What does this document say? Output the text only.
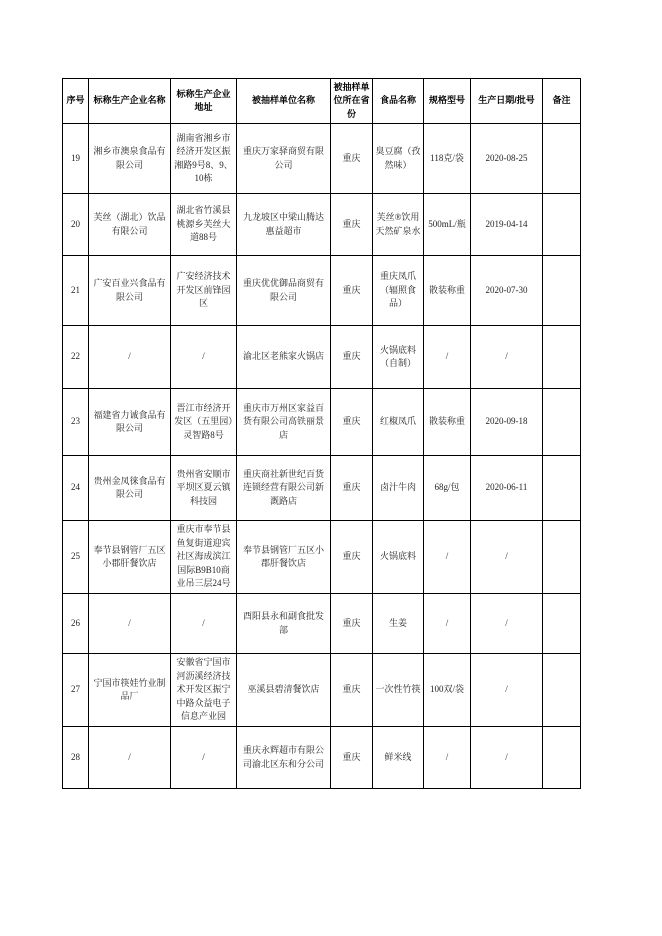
序号	标称生产企业名称	标称生产企业地址	被抽样单位名称	被抽样单位所在省份	食品名称	规格型号	生产日期/批号	备注
19	湘乡市澳泉食品有限公司	湖南省湘乡市经济开发区振湘路9号8、9、10栋	重庆万家驿商贸有限公司	重庆	臭豆腐（孜然味）	118克/袋	2020-08-25	
20	芙丝（湖北）饮品有限公司	湖北省竹溪县桃源乡芙丝大道88号	九龙坡区中梁山腾达惠益超市	重庆	芙丝®饮用天然矿泉水	500mL/瓶	2019-04-14	
21	广安百业兴食品有限公司	广安经济技术开发区前锋园区	重庆优优御品商贸有限公司	重庆	重庆凤爪（辐照食品）	散装称重	2020-07-30	
22	/	/	渝北区老熊家火锅店	重庆	火锅底料（自制）	/	/	
23	福建省力诚食品有限公司	晋江市经济开发区（五里园）灵智路8号	重庆市万州区家益百货有限公司高铁丽景店	重庆	红椒凤爪	散装称重	2020-09-18	
24	贵州金凤徕食品有限公司	贵州省安顺市平坝区夏云镇科技园	重庆商社新世纪百货连锁经营有限公司新溉路店	重庆	卤汁牛肉	68g/包	2020-06-11	
25	奉节县钢管厂五区小郡肝餐饮店	重庆市奉节县鱼复街道迎宾社区海成滨江国际B9B10商业吊三层24号	奉节县钢管厂五区小郡肝餐饮店	重庆	火锅底料	/	/	
26	/	/	酉阳县永和副食批发部	重庆	生姜	/	/	
27	宁国市筷娃竹业制品厂	安徽省宁国市河沥溪经济技术开发区振宁中路众益电子信息产业园	巫溪县碧清餐饮店	重庆	一次性竹筷	100双/袋	/	
28	/	/	重庆永辉超市有限公司渝北区东和分公司	重庆	鲜米线	/	/	
